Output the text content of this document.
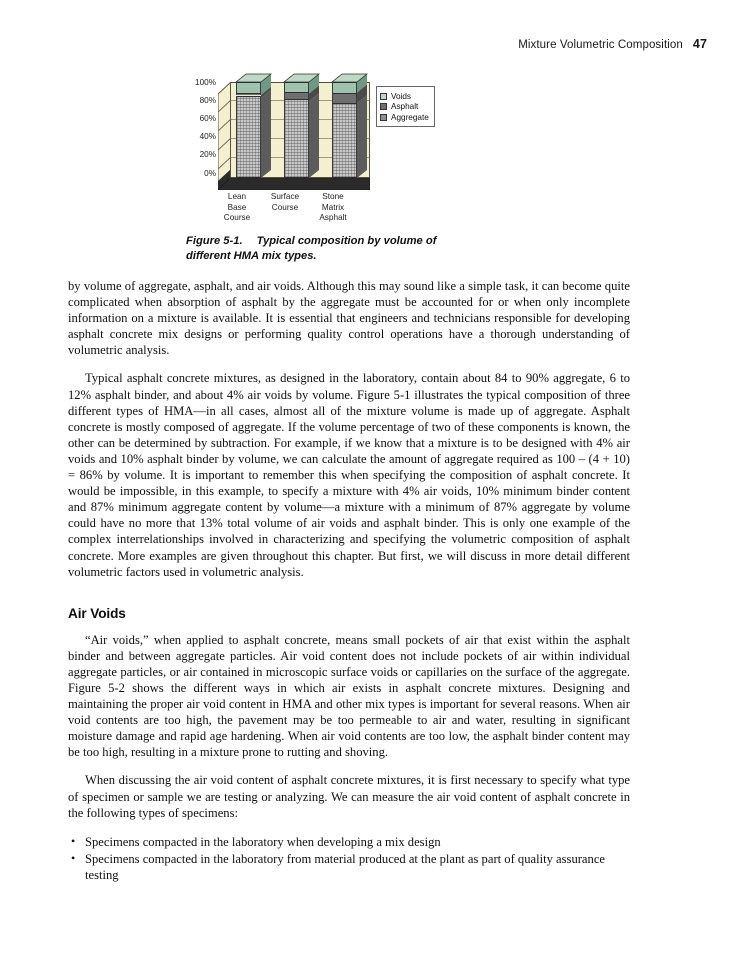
Mixture Volumetric Composition 47
100%
80%
60%
40%
20%
0%
Lean
Base
Course
Surface
Course
Stone
Matrix
Asphalt
Voids
Asphalt
Aggregate
Figure 5-1. Typical composition by volume of different HMA mix types.

by volume of aggregate, asphalt, and air voids. Although this may sound like a simple task, it can become quite complicated when absorption of asphalt by the aggregate must be accounted for or when only incomplete information on a mixture is available. It is essential that engineers and technicians responsible for developing asphalt concrete mix designs or performing quality control operations have a thorough understanding of volumetric analysis.

Typical asphalt concrete mixtures, as designed in the laboratory, contain about 84 to 90% aggregate, 6 to 12% asphalt binder, and about 4% air voids by volume. Figure 5-1 illustrates the typical composition of three different types of HMA—in all cases, almost all of the mixture volume is made up of aggregate. Asphalt concrete is mostly composed of aggregate. If the volume percentage of two of these components is known, the other can be determined by subtraction. For example, if we know that a mixture is to be designed with 4% air voids and 10% asphalt binder by volume, we can calculate the amount of aggregate required as 100 – (4 + 10) = 86% by volume. It is important to remember this when specifying the composition of asphalt concrete. It would be impossible, in this example, to specify a mixture with 4% air voids, 10% minimum binder content and 87% minimum aggregate content by volume—a mixture with a minimum of 87% aggregate by volume could have no more that 13% total volume of air voids and asphalt binder. This is only one example of the complex interrelationships involved in characterizing and specifying the volumetric composition of asphalt concrete. More examples are given throughout this chapter. But first, we will discuss in more detail different volumetric factors used in volumetric analysis.

Air Voids

“Air voids,” when applied to asphalt concrete, means small pockets of air that exist within the asphalt binder and between aggregate particles. Air void content does not include pockets of air within individual aggregate particles, or air contained in microscopic surface voids or capillaries on the surface of the aggregate. Figure 5-2 shows the different ways in which air exists in asphalt concrete mixtures. Designing and maintaining the proper air void content in HMA and other mix types is important for several reasons. When air void contents are too high, the pavement may be too permeable to air and water, resulting in significant moisture damage and rapid age hardening. When air void contents are too low, the asphalt binder content may be too high, resulting in a mixture prone to rutting and shoving.

When discussing the air void content of asphalt concrete mixtures, it is first necessary to specify what type of specimen or sample we are testing or analyzing. We can measure the air void content of asphalt concrete in the following types of specimens:

• Specimens compacted in the laboratory when developing a mix design
• Specimens compacted in the laboratory from material produced at the plant as part of quality assurance testing
